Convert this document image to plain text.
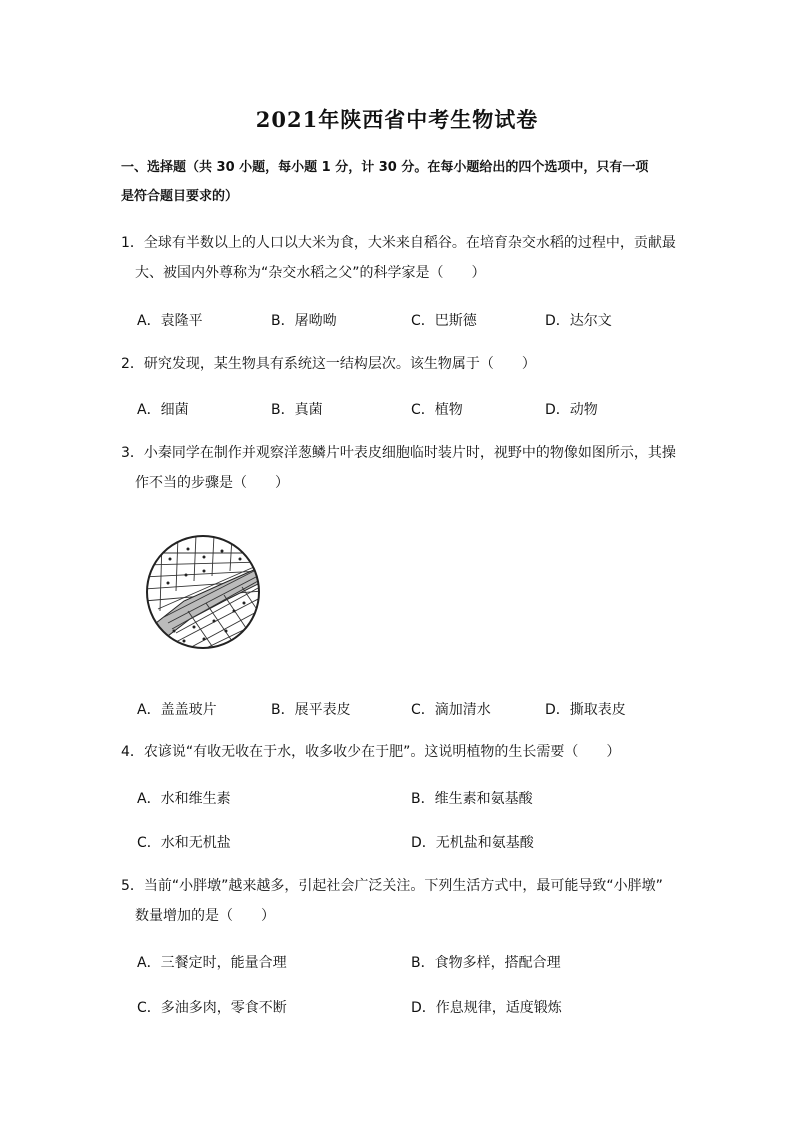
2021年陕西省中考生物试卷
一、选择题（共 30 小题，每小题 1 分，计 30 分。在每小题给出的四个选项中，只有一项
是符合题目要求的）
1．全球有半数以上的人口以大米为食，大米来自稻谷。在培育杂交水稻的过程中，贡献最
大、被国内外尊称为“杂交水稻之父”的科学家是（　　）
A．袁隆平	B．屠呦呦	C．巴斯德	D．达尔文
2．研究发现，某生物具有系统这一结构层次。该生物属于（　　）
A．细菌	B．真菌	C．植物	D．动物
3．小秦同学在制作并观察洋葱鳞片叶表皮细胞临时装片时，视野中的物像如图所示，其操
作不当的步骤是（　　）
A．盖盖玻片	B．展平表皮	C．滴加清水	D．撕取表皮
4．农谚说“有收无收在于水，收多收少在于肥”。这说明植物的生长需要（　　）
A．水和维生素	B．维生素和氨基酸
C．水和无机盐	D．无机盐和氨基酸
5．当前“小胖墩”越来越多，引起社会广泛关注。下列生活方式中，最可能导致“小胖墩”
数量增加的是（　　）
A．三餐定时，能量合理	B．食物多样，搭配合理
C．多油多肉，零食不断	D．作息规律，适度锻炼
